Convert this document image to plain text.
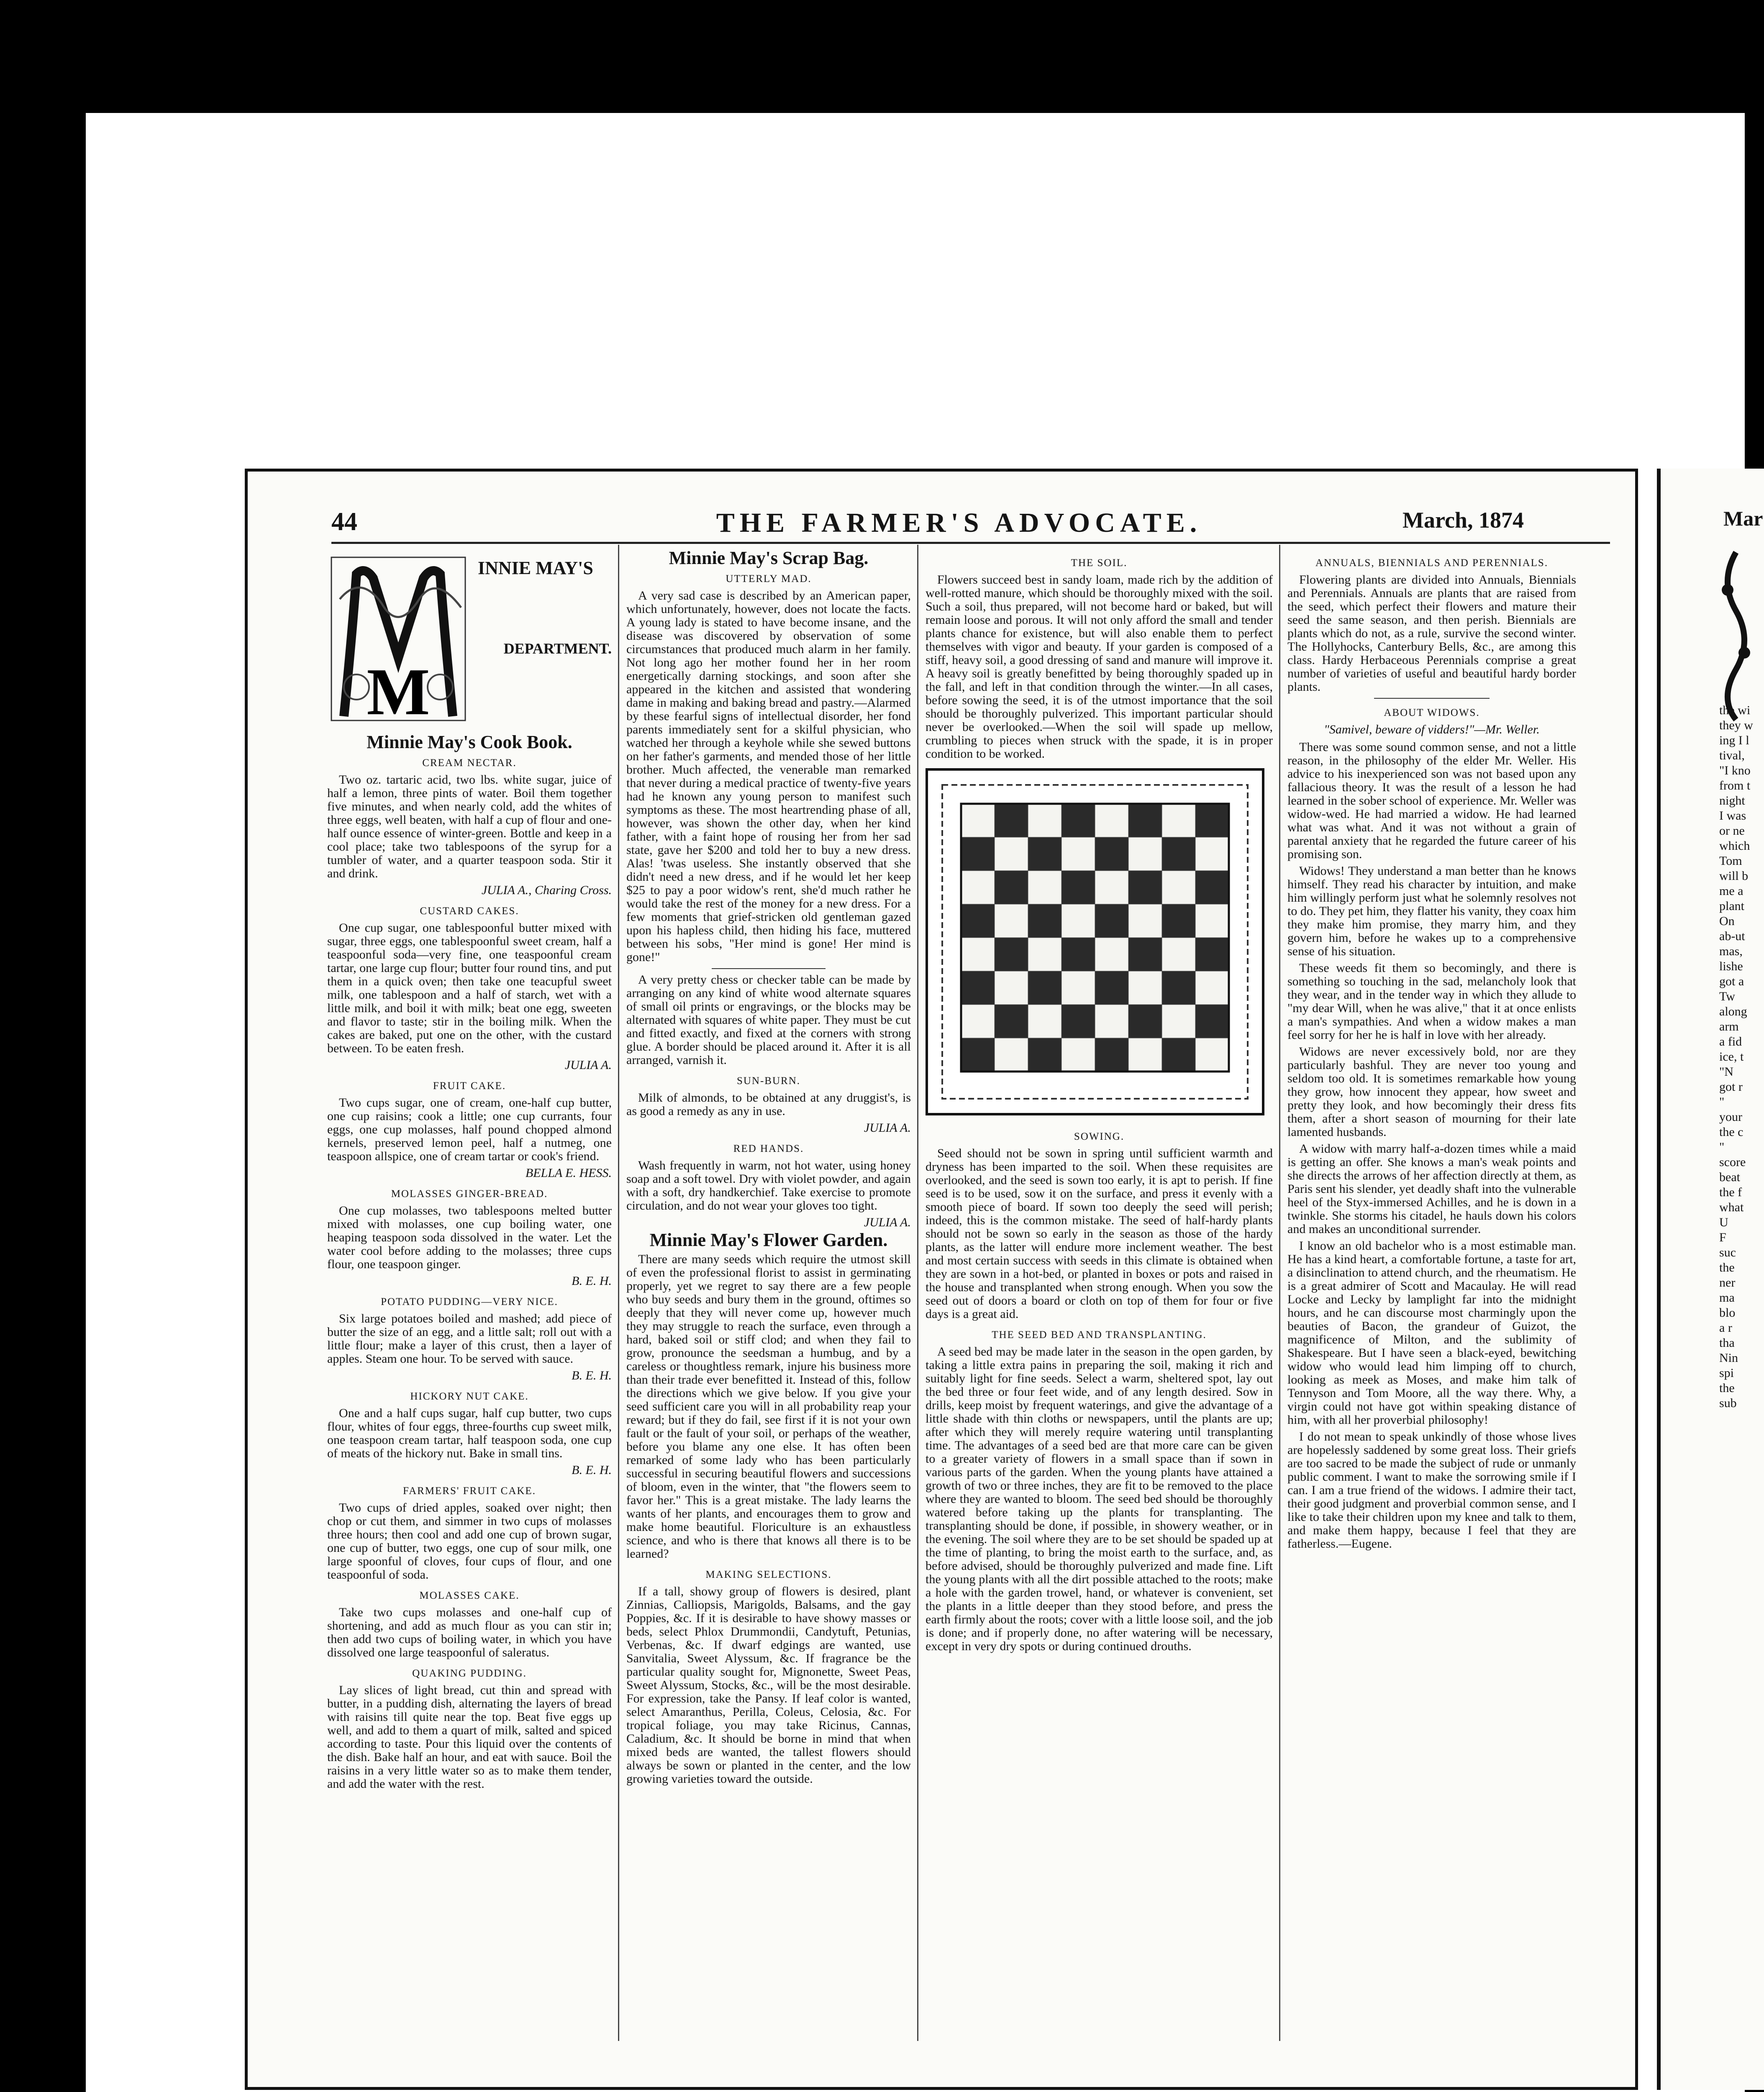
44	THE FARMER'S ADVOCATE.	March, 1874
M
INNIE MAY'S
DEPARTMENT.
Minnie May's Cook Book.
CREAM NECTAR.

Two oz. tartaric acid, two lbs. white sugar, juice of half a lemon, three pints of water. Boil them together five minutes, and when nearly cold, add the whites of three eggs, well beaten, with half a cup of flour and one-half ounce essence of winter-green. Bottle and keep in a cool place; take two tablespoons of the syrup for a tumbler of water, and a quarter teaspoon soda. Stir it and drink.

JULIA A., Charing Cross.
CUSTARD CAKES.

One cup sugar, one tablespoonful butter mixed with sugar, three eggs, one tablespoonful sweet cream, half a teaspoonful soda—very fine, one teaspoonful cream tartar, one large cup flour; butter four round tins, and put them in a quick oven; then take one teacupful sweet milk, one tablespoon and a half of starch, wet with a little milk, and boil it with milk; beat one egg, sweeten and flavor to taste; stir in the boiling milk. When the cakes are baked, put one on the other, with the custard between. To be eaten fresh.

JULIA A.
FRUIT CAKE.

Two cups sugar, one of cream, one-half cup butter, one cup raisins; cook a little; one cup currants, four eggs, one cup molasses, half pound chopped almond kernels, preserved lemon peel, half a nutmeg, one teaspoon allspice, one of cream tartar or cook's friend.

BELLA E. HESS.
MOLASSES GINGER-BREAD.

One cup molasses, two tablespoons melted butter mixed with molasses, one cup boiling water, one heaping teaspoon soda dissolved in the water. Let the water cool before adding to the molasses; three cups flour, one teaspoon ginger.

B. E. H.
POTATO PUDDING—VERY NICE.

Six large potatoes boiled and mashed; add piece of butter the size of an egg, and a little salt; roll out with a little flour; make a layer of this crust, then a layer of apples. Steam one hour. To be served with sauce.

B. E. H.
HICKORY NUT CAKE.

One and a half cups sugar, half cup butter, two cups flour, whites of four eggs, three-fourths cup sweet milk, one teaspoon cream tartar, half teaspoon soda, one cup of meats of the hickory nut. Bake in small tins.

B. E. H.
FARMERS' FRUIT CAKE.

Two cups of dried apples, soaked over night; then chop or cut them, and simmer in two cups of molasses three hours; then cool and add one cup of brown sugar, one cup of butter, two eggs, one cup of sour milk, one large spoonful of cloves, four cups of flour, and one teaspoonful of soda.

MOLASSES CAKE.

Take two cups molasses and one-half cup of shortening, and add as much flour as you can stir in; then add two cups of boiling water, in which you have dissolved one large teaspoonful of saleratus.

QUAKING PUDDING.

Lay slices of light bread, cut thin and spread with butter, in a pudding dish, alternating the layers of bread with raisins till quite near the top. Beat five eggs up well, and add to them a quart of milk, salted and spiced according to taste. Pour this liquid over the contents of the dish. Bake half an hour, and eat with sauce. Boil the raisins in a very little water so as to make them tender, and add the water with the rest.

Minnie May's Scrap Bag.
UTTERLY MAD.

A very sad case is described by an American paper, which unfortunately, however, does not locate the facts. A young lady is stated to have become insane, and the disease was discovered by observation of some circumstances that produced much alarm in her family. Not long ago her mother found her in her room energetically darning stockings, and soon after she appeared in the kitchen and assisted that wondering dame in making and baking bread and pastry.—Alarmed by these fearful signs of intellectual disorder, her fond parents immediately sent for a skilful physician, who watched her through a keyhole while she sewed buttons on her father's garments, and mended those of her little brother. Much affected, the venerable man remarked that never during a medical practice of twenty-five years had he known any young person to manifest such symptoms as these. The most heartrending phase of all, however, was shown the other day, when her kind father, with a faint hope of rousing her from her sad state, gave her $200 and told her to buy a new dress. Alas! 'twas useless. She instantly observed that she didn't need a new dress, and if he would let her keep $25 to pay a poor widow's rent, she'd much rather he would take the rest of the money for a new dress. For a few moments that grief-stricken old gentleman gazed upon his hapless child, then hiding his face, muttered between his sobs, "Her mind is gone! Her mind is gone!"

A very pretty chess or checker table can be made by arranging on any kind of white wood alternate squares of small oil prints or engravings, or the blocks may be alternated with squares of white paper. They must be cut and fitted exactly, and fixed at the corners with strong glue. A border should be placed around it. After it is all arranged, varnish it.

SUN-BURN.

Milk of almonds, to be obtained at any druggist's, is as good a remedy as any in use.

JULIA A.
RED HANDS.

Wash frequently in warm, not hot water, using honey soap and a soft towel. Dry with violet powder, and again with a soft, dry handkerchief. Take exercise to promote circulation, and do not wear your gloves too tight.

JULIA A.
Minnie May's Flower Garden.

There are many seeds which require the utmost skill of even the professional florist to assist in germinating properly, yet we regret to say there are a few people who buy seeds and bury them in the ground, oftimes so deeply that they will never come up, however much they may struggle to reach the surface, even through a hard, baked soil or stiff clod; and when they fail to grow, pronounce the seedsman a humbug, and by a careless or thoughtless remark, injure his business more than their trade ever benefitted it. Instead of this, follow the directions which we give below. If you give your seed sufficient care you will in all probability reap your reward; but if they do fail, see first if it is not your own fault or the fault of your soil, or perhaps of the weather, before you blame any one else. It has often been remarked of some lady who has been particularly successful in securing beautiful flowers and successions of bloom, even in the winter, that "the flowers seem to favor her." This is a great mistake. The lady learns the wants of her plants, and encourages them to grow and make home beautiful. Floriculture is an exhaustless science, and who is there that knows all there is to be learned?

MAKING SELECTIONS.

If a tall, showy group of flowers is desired, plant Zinnias, Calliopsis, Marigolds, Balsams, and the gay Poppies, &c. If it is desirable to have showy masses or beds, select Phlox Drummondii, Candytuft, Petunias, Verbenas, &c. If dwarf edgings are wanted, use Sanvitalia, Sweet Alyssum, &c. If fragrance be the particular quality sought for, Mignonette, Sweet Peas, Sweet Alyssum, Stocks, &c., will be the most desirable. For expression, take the Pansy. If leaf color is wanted, select Amaranthus, Perilla, Coleus, Celosia, &c. For tropical foliage, you may take Ricinus, Cannas, Caladium, &c. It should be borne in mind that when mixed beds are wanted, the tallest flowers should always be sown or planted in the center, and the low growing varieties toward the outside.

THE SOIL.

Flowers succeed best in sandy loam, made rich by the addition of well-rotted manure, which should be thoroughly mixed with the soil. Such a soil, thus prepared, will not become hard or baked, but will remain loose and porous. It will not only afford the small and tender plants chance for existence, but will also enable them to perfect themselves with vigor and beauty. If your garden is composed of a stiff, heavy soil, a good dressing of sand and manure will improve it. A heavy soil is greatly benefitted by being thoroughly spaded up in the fall, and left in that condition through the winter.—In all cases, before sowing the seed, it is of the utmost importance that the soil should be thoroughly pulverized. This important particular should never be overlooked.—When the soil will spade up mellow, crumbling to pieces when struck with the spade, it is in proper condition to be worked.

SOWING.

Seed should not be sown in spring until sufficient warmth and dryness has been imparted to the soil. When these requisites are overlooked, and the seed is sown too early, it is apt to perish. If fine seed is to be used, sow it on the surface, and press it evenly with a smooth piece of board. If sown too deeply the seed will perish; indeed, this is the common mistake. The seed of half-hardy plants should not be sown so early in the season as those of the hardy plants, as the latter will endure more inclement weather. The best and most certain success with seeds in this climate is obtained when they are sown in a hot-bed, or planted in boxes or pots and raised in the house and transplanted when strong enough. When you sow the seed out of doors a board or cloth on top of them for four or five days is a great aid.

THE SEED BED AND TRANSPLANTING.

A seed bed may be made later in the season in the open garden, by taking a little extra pains in preparing the soil, making it rich and suitably light for fine seeds. Select a warm, sheltered spot, lay out the bed three or four feet wide, and of any length desired. Sow in drills, keep moist by frequent waterings, and give the advantage of a little shade with thin cloths or newspapers, until the plants are up; after which they will merely require watering until transplanting time. The advantages of a seed bed are that more care can be given to a greater variety of flowers in a small space than if sown in various parts of the garden. When the young plants have attained a growth of two or three inches, they are fit to be removed to the place where they are wanted to bloom. The seed bed should be thoroughly watered before taking up the plants for transplanting. The transplanting should be done, if possible, in showery weather, or in the evening. The soil where they are to be set should be spaded up at the time of planting, to bring the moist earth to the surface, and, as before advised, should be thoroughly pulverized and made fine. Lift the young plants with all the dirt possible attached to the roots; make a hole with the garden trowel, hand, or whatever is convenient, set the plants in a little deeper than they stood before, and press the earth firmly about the roots; cover with a little loose soil, and the job is done; and if properly done, no after watering will be necessary, except in very dry spots or during continued drouths.

ANNUALS, BIENNIALS AND PERENNIALS.

Flowering plants are divided into Annuals, Biennials and Perennials. Annuals are plants that are raised from the seed, which perfect their flowers and mature their seed the same season, and then perish. Biennials are plants which do not, as a rule, survive the second winter. The Hollyhocks, Canterbury Bells, &c., are among this class. Hardy Herbaceous Perennials comprise a great number of varieties of useful and beautiful hardy border plants.

ABOUT WIDOWS.
"Samivel, beware of vidders!"—Mr. Weller.

There was some sound common sense, and not a little reason, in the philosophy of the elder Mr. Weller. His advice to his inexperienced son was not based upon any fallacious theory. It was the result of a lesson he had learned in the sober school of experience. Mr. Weller was widow-wed. He had married a widow. He had learned what was what. And it was not without a grain of parental anxiety that he regarded the future career of his promising son.

Widows! They understand a man better than he knows himself. They read his character by intuition, and make him willingly perform just what he solemnly resolves not to do. They pet him, they flatter his vanity, they coax him they make him promise, they marry him, and they govern him, before he wakes up to a comprehensive sense of his situation.

These weeds fit them so becomingly, and there is something so touching in the sad, melancholy look that they wear, and in the tender way in which they allude to "my dear Will, when he was alive," that it at once enlists a man's sympathies. And when a widow makes a man feel sorry for her he is half in love with her already.

Widows are never excessively bold, nor are they particularly bashful. They are never too young and seldom too old. It is sometimes remarkable how young they grow, how innocent they appear, how sweet and pretty they look, and how becomingly their dress fits them, after a short season of mourning for their late lamented husbands.

A widow with marry half-a-dozen times while a maid is getting an offer. She knows a man's weak points and she directs the arrows of her affection directly at them, as Paris sent his slender, yet deadly shaft into the vulnerable heel of the Styx-immersed Achilles, and he is down in a twinkle. She storms his citadel, he hauls down his colors and makes an unconditional surrender.

I know an old bachelor who is a most estimable man. He has a kind heart, a comfortable fortune, a taste for art, a disinclination to attend church, and the rheumatism. He is a great admirer of Scott and Macaulay. He will read Locke and Lecky by lamplight far into the midnight hours, and he can discourse most charmingly upon the beauties of Bacon, the grandeur of Guizot, the magnificence of Milton, and the sublimity of Shakespeare. But I have seen a black-eyed, bewitching widow who would lead him limping off to church, looking as meek as Moses, and make him talk of Tennyson and Tom Moore, all the way there. Why, a virgin could not have got within speaking distance of him, with all her proverbial philosophy!

I do not mean to speak unkindly of those whose lives are hopelessly saddened by some great loss. Their griefs are too sacred to be made the subject of rude or unmanly public comment. I want to make the sorrowing smile if I can. I am a true friend of the widows. I admire their tact, their good judgment and proverbial common sense, and I like to take their children upon my knee and talk to them, and make them happy, because I feel that they are fatherless.—Eugene.

Mar
the wi
they w
ing I l
tival,
"I kno
from t
night
I was
or ne
which
Tom
will b
me a
plant
On
ab-ut
mas,
lishe
got a
Tw
along
arm
a fid
ice, t
"N
got r
"
your
the c
"
score
beat
the f
what
U
F
suc
the
ner
ma
blo
a r
tha
Nin
spi
the
sub
